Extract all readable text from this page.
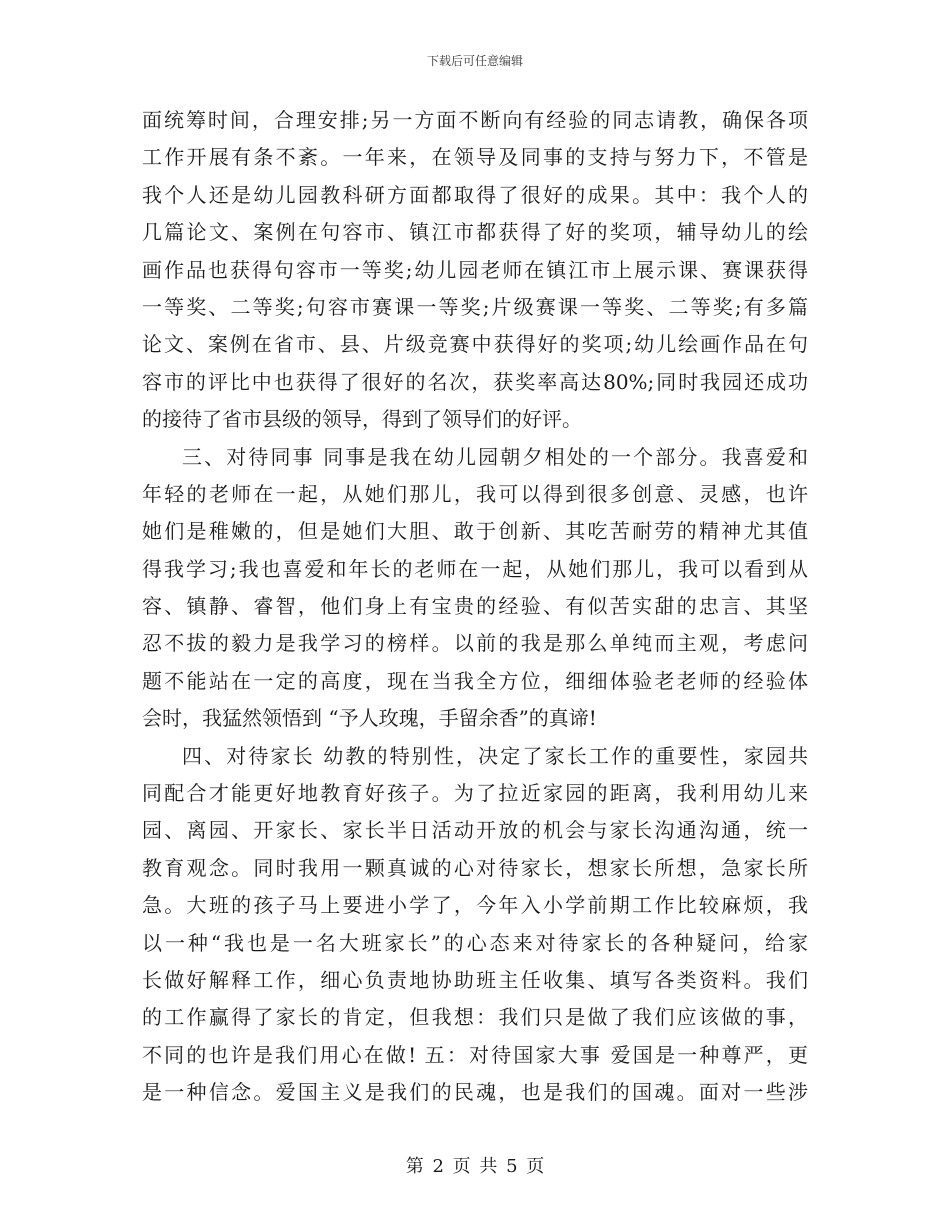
下载后可任意编辑
面统筹时间，合理安排;另一方面不断向有经验的同志请教，确保各项
工作开展有条不紊。一年来，在领导及同事的支持与努力下，不管是
我个人还是幼儿园教科研方面都取得了很好的成果。其中：我个人的
几篇论文、案例在句容市、镇江市都获得了好的奖项，辅导幼儿的绘
画作品也获得句容市一等奖;幼儿园老师在镇江市上展示课、赛课获得
一等奖、二等奖;句容市赛课一等奖;片级赛课一等奖、二等奖;有多篇
论文、案例在省市、县、片级竞赛中获得好的奖项;幼儿绘画作品在句
容市的评比中也获得了很好的名次，获奖率高达80%;同时我园还成功
的接待了省市县级的领导，得到了领导们的好评。
三、对待同事 同事是我在幼儿园朝夕相处的一个部分。我喜爱和
年轻的老师在一起，从她们那儿，我可以得到很多创意、灵感，也许
她们是稚嫩的，但是她们大胆、敢于创新、其吃苦耐劳的精神尤其值
得我学习;我也喜爱和年长的老师在一起，从她们那儿，我可以看到从
容、镇静、睿智，他们身上有宝贵的经验、有似苦实甜的忠言、其坚
忍不拔的毅力是我学习的榜样。以前的我是那么单纯而主观，考虑问
题不能站在一定的高度，现在当我全方位，细细体验老老师的经验体
会时，我猛然领悟到 “予人玫瑰，手留余香”的真谛!
四、对待家长 幼教的特别性，决定了家长工作的重要性，家园共
同配合才能更好地教育好孩子。为了拉近家园的距离，我利用幼儿来
园、离园、开家长、家长半日活动开放的机会与家长沟通沟通，统一
教育观念。同时我用一颗真诚的心对待家长，想家长所想，急家长所
急。大班的孩子马上要进小学了，今年入小学前期工作比较麻烦，我
以一种“我也是一名大班家长”的心态来对待家长的各种疑问，给家
长做好解释工作，细心负责地协助班主任收集、填写各类资料。我们
的工作赢得了家长的肯定，但我想：我们只是做了我们应该做的事，
不同的也许是我们用心在做! 五：对待国家大事 爱国是一种尊严，更
是一种信念。爱国主义是我们的民魂，也是我们的国魂。面对一些涉
第 2 页 共 5 页
